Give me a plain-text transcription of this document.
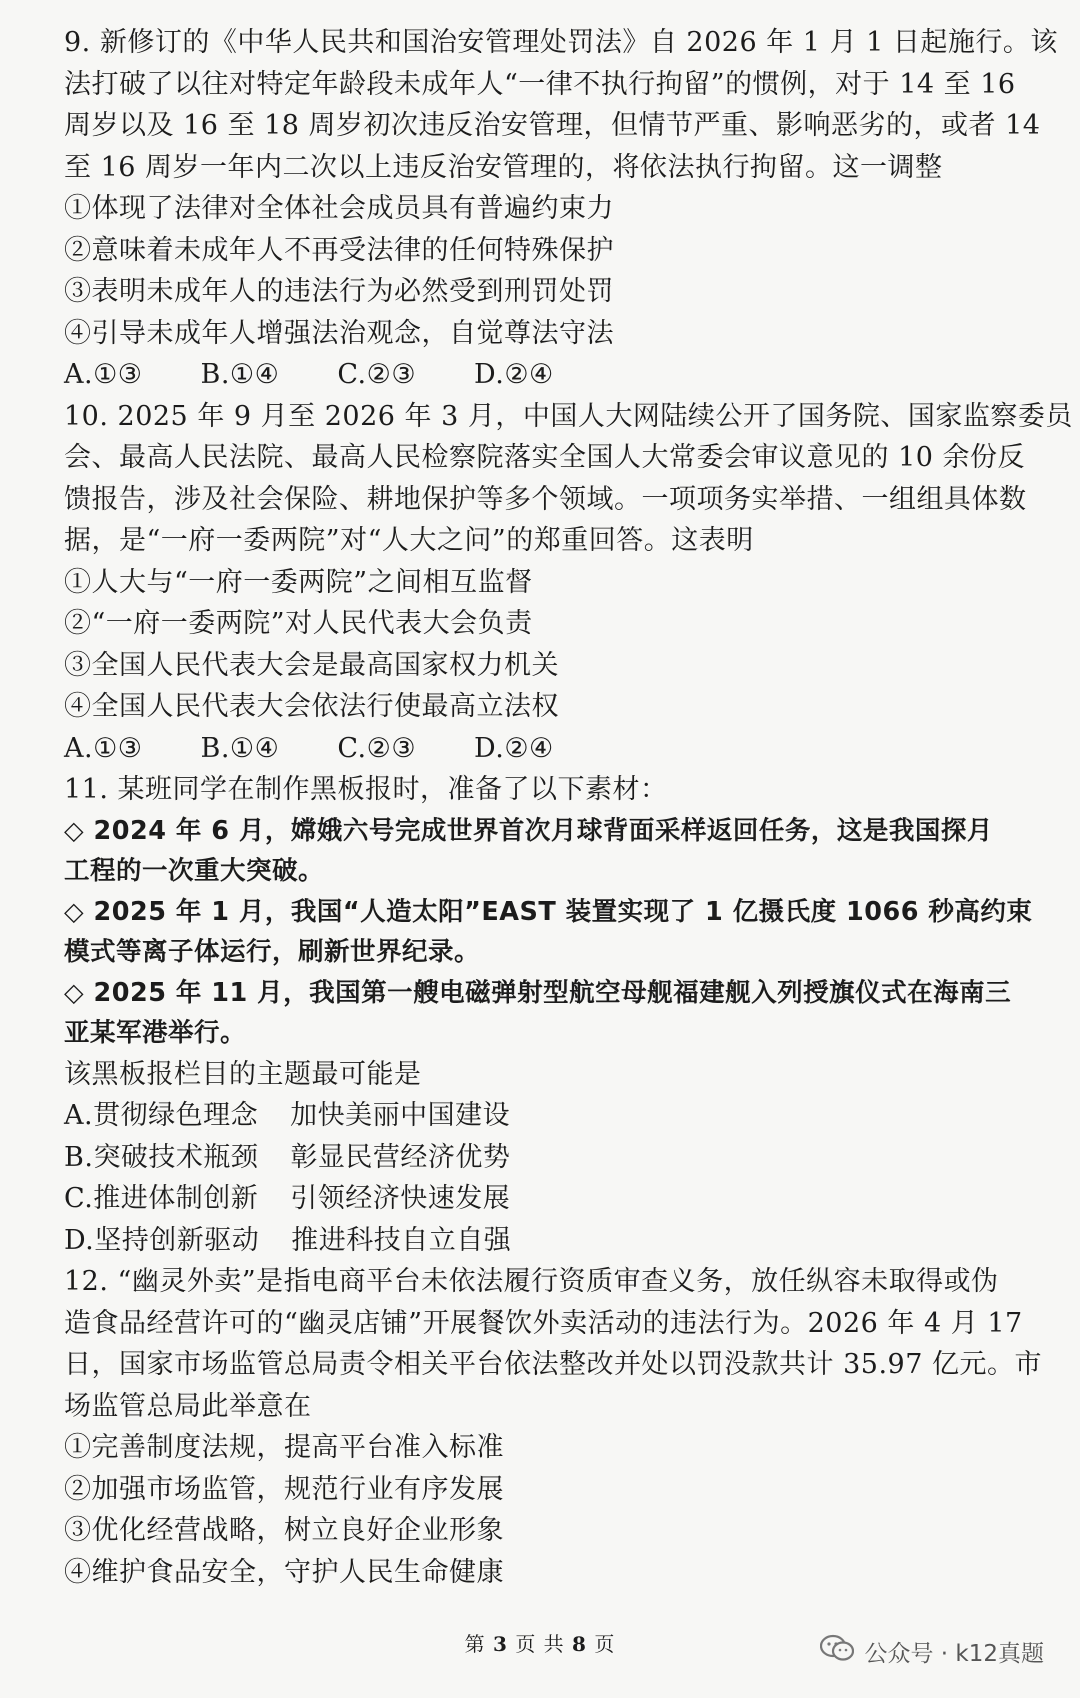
9. 新修订的《中华人民共和国治安管理处罚法》自 2026 年 1 月 1 日起施行。该
法打破了以往对特定年龄段未成年人“一律不执行拘留”的惯例，对于 14 至 16
周岁以及 16 至 18 周岁初次违反治安管理，但情节严重、影响恶劣的，或者 14
至 16 周岁一年内二次以上违反治安管理的，将依法执行拘留。这一调整
①体现了法律对全体社会成员具有普遍约束力
②意味着未成年人不再受法律的任何特殊保护
③表明未成年人的违法行为必然受到刑罚处罚
④引导未成年人增强法治观念，自觉尊法守法
A.①③ B.①④ C.②③ D.②④
10. 2025 年 9 月至 2026 年 3 月，中国人大网陆续公开了国务院、国家监察委员
会、最高人民法院、最高人民检察院落实全国人大常委会审议意见的 10 余份反
馈报告，涉及社会保险、耕地保护等多个领域。一项项务实举措、一组组具体数
据，是“一府一委两院”对“人大之问”的郑重回答。这表明
①人大与“一府一委两院”之间相互监督
②“一府一委两院”对人民代表大会负责
③全国人民代表大会是最高国家权力机关
④全国人民代表大会依法行使最高立法权
A.①③ B.①④ C.②③ D.②④
11. 某班同学在制作黑板报时，准备了以下素材：
◇ 2024 年 6 月，嫦娥六号完成世界首次月球背面采样返回任务，这是我国探月
工程的一次重大突破。
◇ 2025 年 1 月，我国“人造太阳”EAST 装置实现了 1 亿摄氏度 1066 秒高约束
模式等离子体运行，刷新世界纪录。
◇ 2025 年 11 月，我国第一艘电磁弹射型航空母舰福建舰入列授旗仪式在海南三
亚某军港举行。
该黑板报栏目的主题最可能是
A.贯彻绿色理念 加快美丽中国建设
B.突破技术瓶颈 彰显民营经济优势
C.推进体制创新 引领经济快速发展
D.坚持创新驱动 推进科技自立自强
12. “幽灵外卖”是指电商平台未依法履行资质审查义务，放任纵容未取得或伪
造食品经营许可的“幽灵店铺”开展餐饮外卖活动的违法行为。2026 年 4 月 17
日，国家市场监管总局责令相关平台依法整改并处以罚没款共计 35.97 亿元。市
场监管总局此举意在
①完善制度法规，提高平台准入标准
②加强市场监管，规范行业有序发展
③优化经营战略，树立良好企业形象
④维护食品安全，守护人民生命健康
第 3 页 共 8 页	公众号 · k12真题
